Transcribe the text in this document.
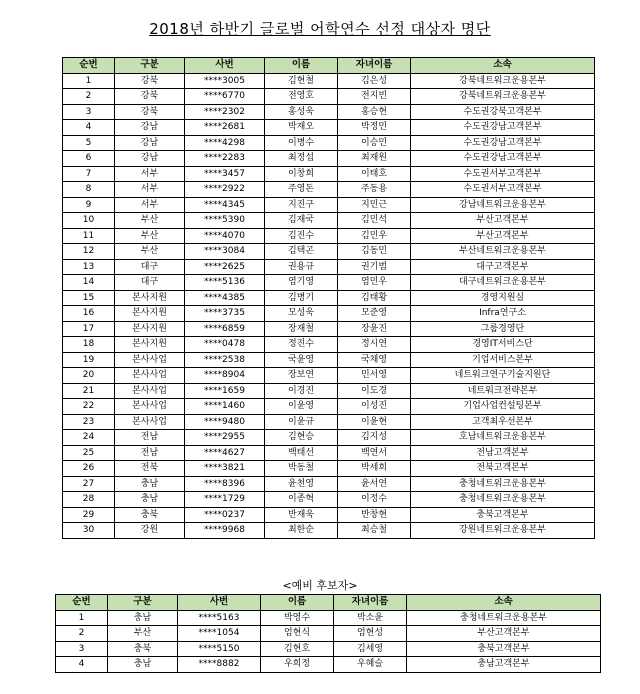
2018년 하반기 글로벌 어학연수 선정 대상자 명단
순번	구분	사번	이름	자녀이름	소속
1	강북	****3005	김현철	김은성	강북네트워크운용본부
2	강북	****6770	전영호	전지빈	강북네트워크운용본부
3	강북	****2302	홍성욱	홍승현	수도권강북고객본부
4	강남	****2681	박재오	박정민	수도권강남고객본부
5	강남	****4298	이병수	이승민	수도권강남고객본부
6	강남	****2283	최정섭	최재원	수도권강남고객본부
7	서부	****3457	이창희	이태호	수도권서부고객본부
8	서부	****2922	주영돈	주동용	수도권서부고객본부
9	서부	****4345	지진구	지민근	강남네트워크운용본부
10	부산	****5390	김재국	김민석	부산고객본부
11	부산	****4070	김진수	김민우	부산고객본부
12	부산	****3084	김택곤	김동민	부산네트워크운용본부
13	대구	****2625	권용규	권기범	대구고객본부
14	대구	****5136	염기영	염민우	대구네트워크운용본부
15	본사지원	****4385	김병기	김태황	경영지원실
16	본사지원	****3735	모성욱	모준영	Infra연구소
17	본사지원	****6859	장재철	장윤진	그룹경영단
18	본사지원	****0478	정진수	정시연	경영IT서비스단
19	본사사업	****2538	국윤영	국채영	기업서비스본부
20	본사사업	****8904	장보연	민서영	네트워크연구기술지원단
21	본사사업	****1659	이경진	이도경	네트워크전략본부
22	본사사업	****1460	이윤영	이성진	기업사업컨설팅본부
23	본사사업	****9480	이윤규	이윤현	고객최우선본부
24	전남	****2955	김현승	김지성	호남네트워크운용본부
25	전남	****4627	백태선	백연서	전남고객본부
26	전북	****3821	박동철	박세희	전북고객본부
27	충남	****8396	윤천영	윤서연	충청네트워크운용본부
28	충남	****1729	이종혁	이정수	충청네트워크운용본부
29	충북	****0237	반재욱	반창현	충북고객본부
30	강원	****9968	최한순	최승철	강원네트워크운용본부
<예비 후보자>
순번	구분	사번	이름	자녀이름	소속
1	충남	****5163	박영수	박소윤	충청네트워크운용본부
2	부산	****1054	엄현식	엄현성	부산고객본부
3	충북	****5150	김현호	김세영	충북고객본부
4	충남	****8882	우희정	우혜슬	충남고객본부
